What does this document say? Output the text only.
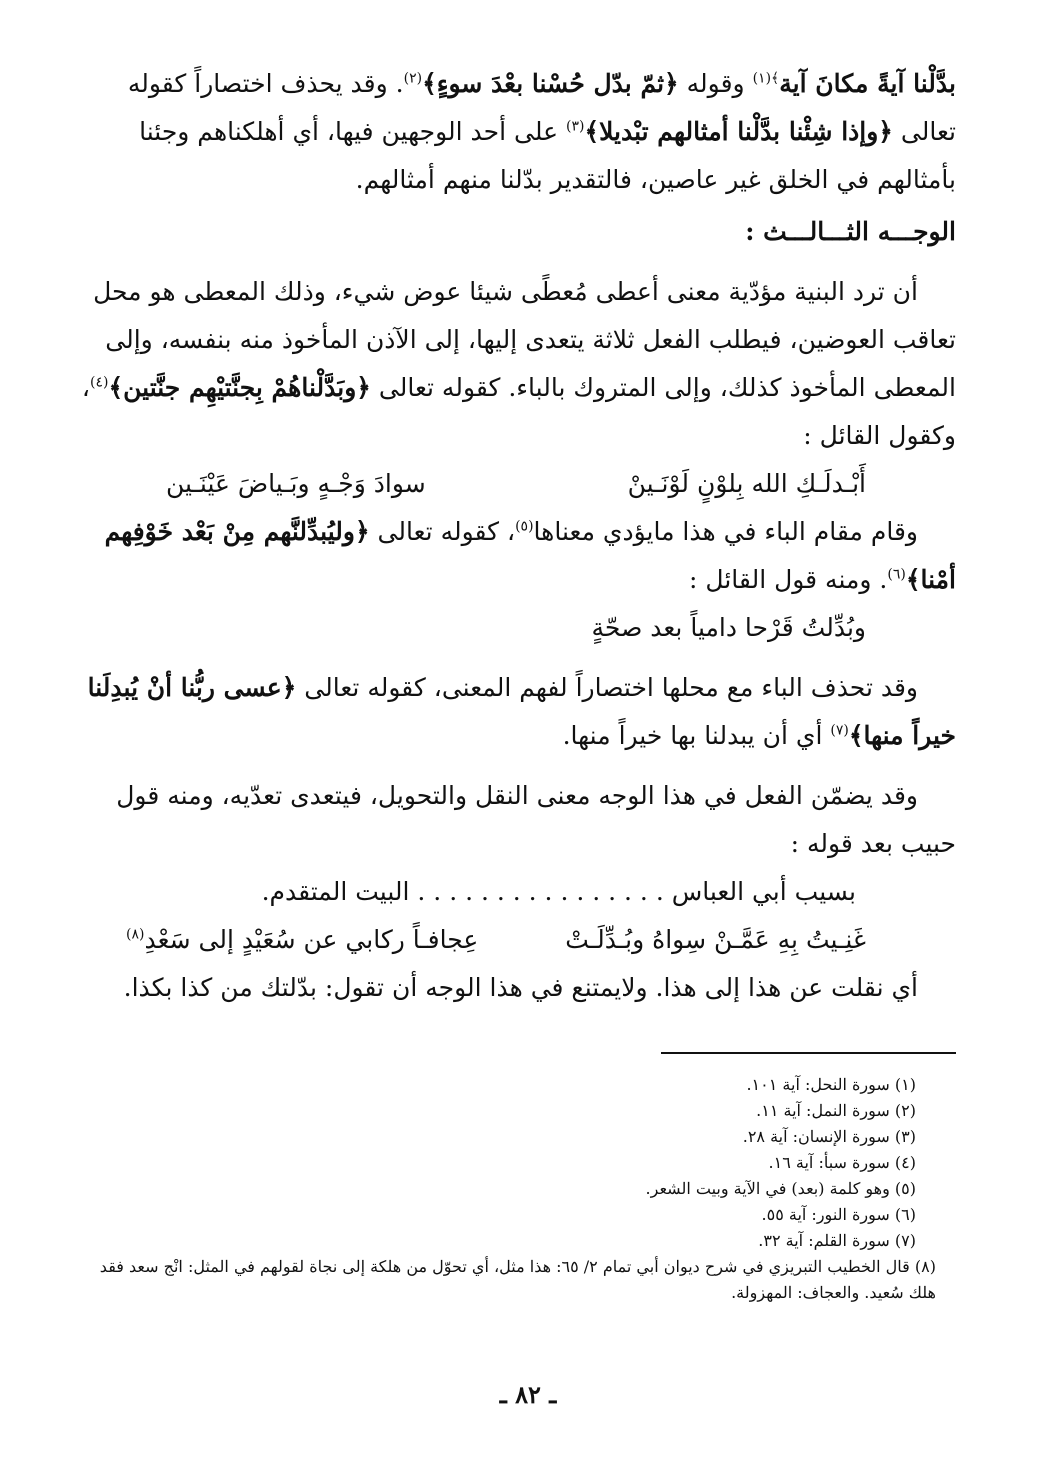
بدَّلْنا آيةً مكانَ آية$^{﴾(١)}$ وقوله ﴿ثمّ بدّل حُسْنا بعْدَ سوءٍ﴾$^{(٢)}$. وقد يحذف اختصاراً كقوله

تعالى ﴿وإذا شِئْنا بدَّلْنا أمثالهم تبْديلا﴾$^{(٣)}$ على أحد الوجهين فيها، أي أهلكناهم وجئنا

بأمثالهم في الخلق غير عاصين، فالتقدير بدّلنا منهم أمثالهم.

الوجـــه الثـــالـــث :

أن ترد البنية مؤدّية معنى أعطى مُعطًى شيئا عوض شيء، وذلك المعطى هو محل

تعاقب العوضين، فيطلب الفعل ثلاثة يتعدى إليها، إلى الآذن المأخوذ منه بنفسه، وإلى

المعطى المأخوذ كذلك، وإلى المتروك بالباء. كقوله تعالى ﴿وبَدَّلْناهُمْ بِجنَّتيْهِم جنَّتين﴾$^{(٤)}$،

وكقول القائل :

أَبْـدلَـكِ الله بِلوْنٍ لَوْنَـينْ
سوادَ وَجْـهٍ وبَـياضَ عَيْنَـين

وقام مقام الباء في هذا مايؤدي معناها$^{(٥)}$، كقوله تعالى ﴿وليُبدِّلنَّهم مِنْ بَعْد خَوْفِهم

أمْنا﴾$^{(٦)}$. ومنه قول القائل :

وبُدِّلتُ قَرْحا دامياً بعد صحّةٍ

وقد تحذف الباء مع محلها اختصاراً لفهم المعنى، كقوله تعالى ﴿عسى ربُّنا أنْ يُبدِلَنا

خيراً منها﴾$^{(٧)}$ أي أن يبدلنا بها خيراً منها.

وقد يضمّن الفعل في هذا الوجه معنى النقل والتحويل، فيتعدى تعدّيه، ومنه قول

حبيب بعد قوله :

بسيب أبي العباس . . . . . . . . . . . . . . . . البيت المتقدم.
غَنِـيتُ بِهِ عَمَّـنْ سِواهُ وبُـدِّلَـتْ
عِجافـاً ركابي عن سُعَيْدٍ إلى سَعْدِ$^{(٨)}$

أي نقلت عن هذا إلى هذا. ولايمتنع في هذا الوجه أن تقول: بدّلتك من كذا بكذا.

(١) سورة النحل: آية ١٠١.

(٢) سورة النمل: آية ١١.

(٣) سورة الإنسان: آية ٢٨.

(٤) سورة سبأ: آية ١٦.

(٥) وهو كلمة (بعد) في الآية وبيت الشعر.

(٦) سورة النور: آية ٥٥.

(٧) سورة القلم: آية ٣٢.

(٨) قال الخطيب التبريزي في شرح ديوان أبي تمام ٢/ ٦٥: هذا مثل، أي تحوّل من هلكة إلى نجاة لقولهم في المثل: انْج سعد فقد هلك سُعيد. والعجاف: المهزولة.

ـ ٨٢ ـ
